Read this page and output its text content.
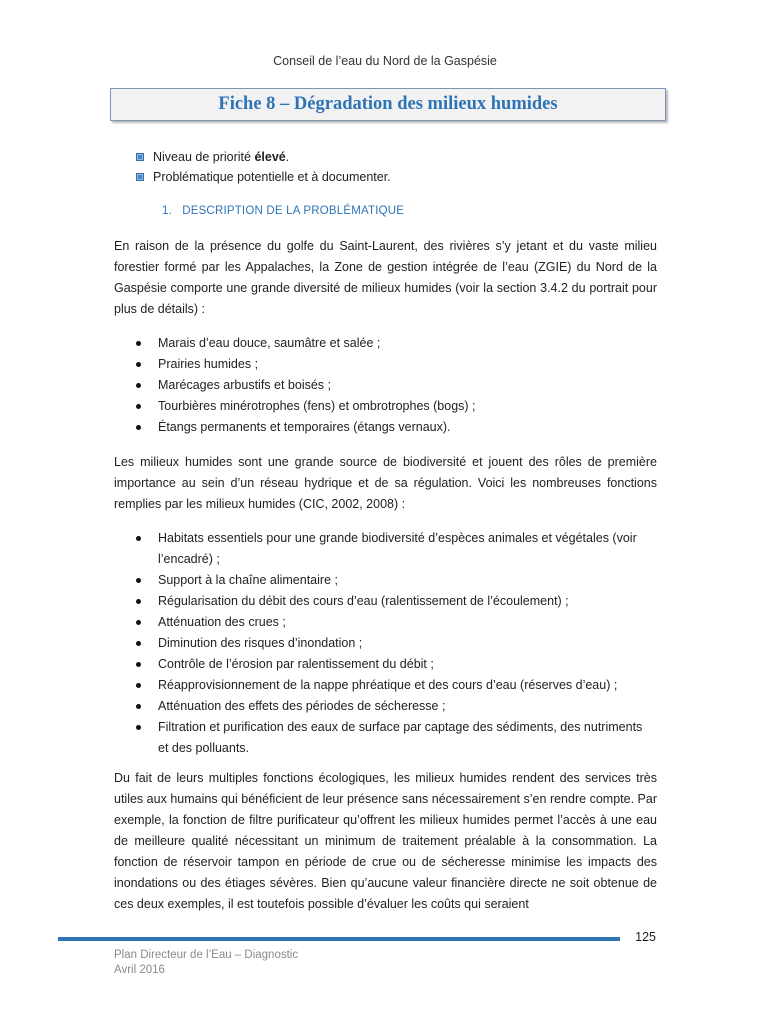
Conseil de l’eau du Nord de la Gaspésie
Fiche 8 – Dégradation des milieux humides
Niveau de priorité élevé.
Problématique potentielle et à documenter.
1. DESCRIPTION DE LA PROBLÉMATIQUE

En raison de la présence du golfe du Saint-Laurent, des rivières s’y jetant et du vaste milieu forestier formé par les Appalaches, la Zone de gestion intégrée de l’eau (ZGIE) du Nord de la Gaspésie comporte une grande diversité de milieux humides (voir la section 3.4.2 du portrait pour plus de détails) :

Marais d’eau douce, saumâtre et salée ;
Prairies humides ;
Marécages arbustifs et boisés ;
Tourbières minérotrophes (fens) et ombrotrophes (bogs) ;
Étangs permanents et temporaires (étangs vernaux).

Les milieux humides sont une grande source de biodiversité et jouent des rôles de première importance au sein d’un réseau hydrique et de sa régulation. Voici les nombreuses fonctions remplies par les milieux humides (CIC, 2002, 2008) :

Habitats essentiels pour une grande biodiversité d’espèces animales et végétales (voir l’encadré) ;
Support à la chaîne alimentaire ;
Régularisation du débit des cours d’eau (ralentissement de l’écoulement) ;
Atténuation des crues ;
Diminution des risques d’inondation ;
Contrôle de l’érosion par ralentissement du débit ;
Réapprovisionnement de la nappe phréatique et des cours d’eau (réserves d’eau) ;
Atténuation des effets des périodes de sécheresse ;
Filtration et purification des eaux de surface par captage des sédiments, des nutriments et des polluants.

Du fait de leurs multiples fonctions écologiques, les milieux humides rendent des services très utiles aux humains qui bénéficient de leur présence sans nécessairement s’en rendre compte. Par exemple, la fonction de filtre purificateur qu’offrent les milieux humides permet l’accès à une eau de meilleure qualité nécessitant un minimum de traitement préalable à la consommation. La fonction de réservoir tampon en période de crue ou de sécheresse minimise les impacts des inondations ou des étiages sévères. Bien qu’aucune valeur financière directe ne soit obtenue de ces deux exemples, il est toutefois possible d’évaluer les coûts qui seraient

125
Plan Directeur de l’Eau – Diagnostic
Avril 2016
